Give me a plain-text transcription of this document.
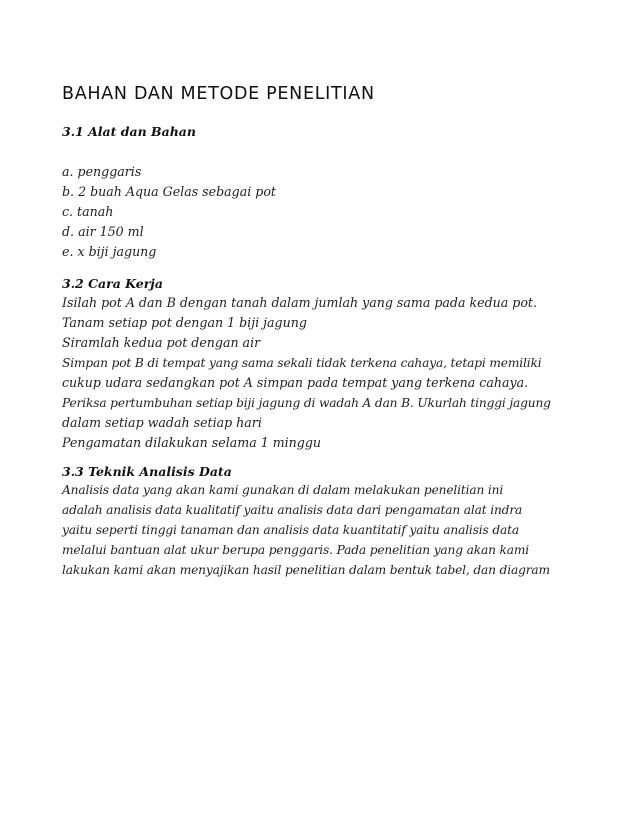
BAHAN DAN METODE PENELITIAN
3.1 Alat dan Bahan
a. penggaris
b. 2 buah Aqua Gelas sebagai pot
c. tanah
d. air 150 ml
e. x biji jagung
3.2 Cara Kerja
Isilah pot A dan B dengan tanah dalam jumlah yang sama pada kedua pot.
Tanam setiap pot dengan 1 biji jagung
Siramlah kedua pot dengan air
Simpan pot B di tempat yang sama sekali tidak terkena cahaya, tetapi memiliki
cukup udara sedangkan pot A simpan pada tempat yang terkena cahaya.
Periksa pertumbuhan setiap biji jagung di wadah A dan B. Ukurlah tinggi jagung
dalam setiap wadah setiap hari
Pengamatan dilakukan selama 1 minggu
3.3 Teknik Analisis Data
Analisis data yang akan kami gunakan di dalam melakukan penelitian ini
adalah analisis data kualitatif yaitu analisis data dari pengamatan alat indra
yaitu seperti tinggi tanaman dan analisis data kuantitatif yaitu analisis data
melalui bantuan alat ukur berupa penggaris. Pada penelitian yang akan kami
lakukan kami akan menyajikan hasil penelitian dalam bentuk tabel, dan diagram
